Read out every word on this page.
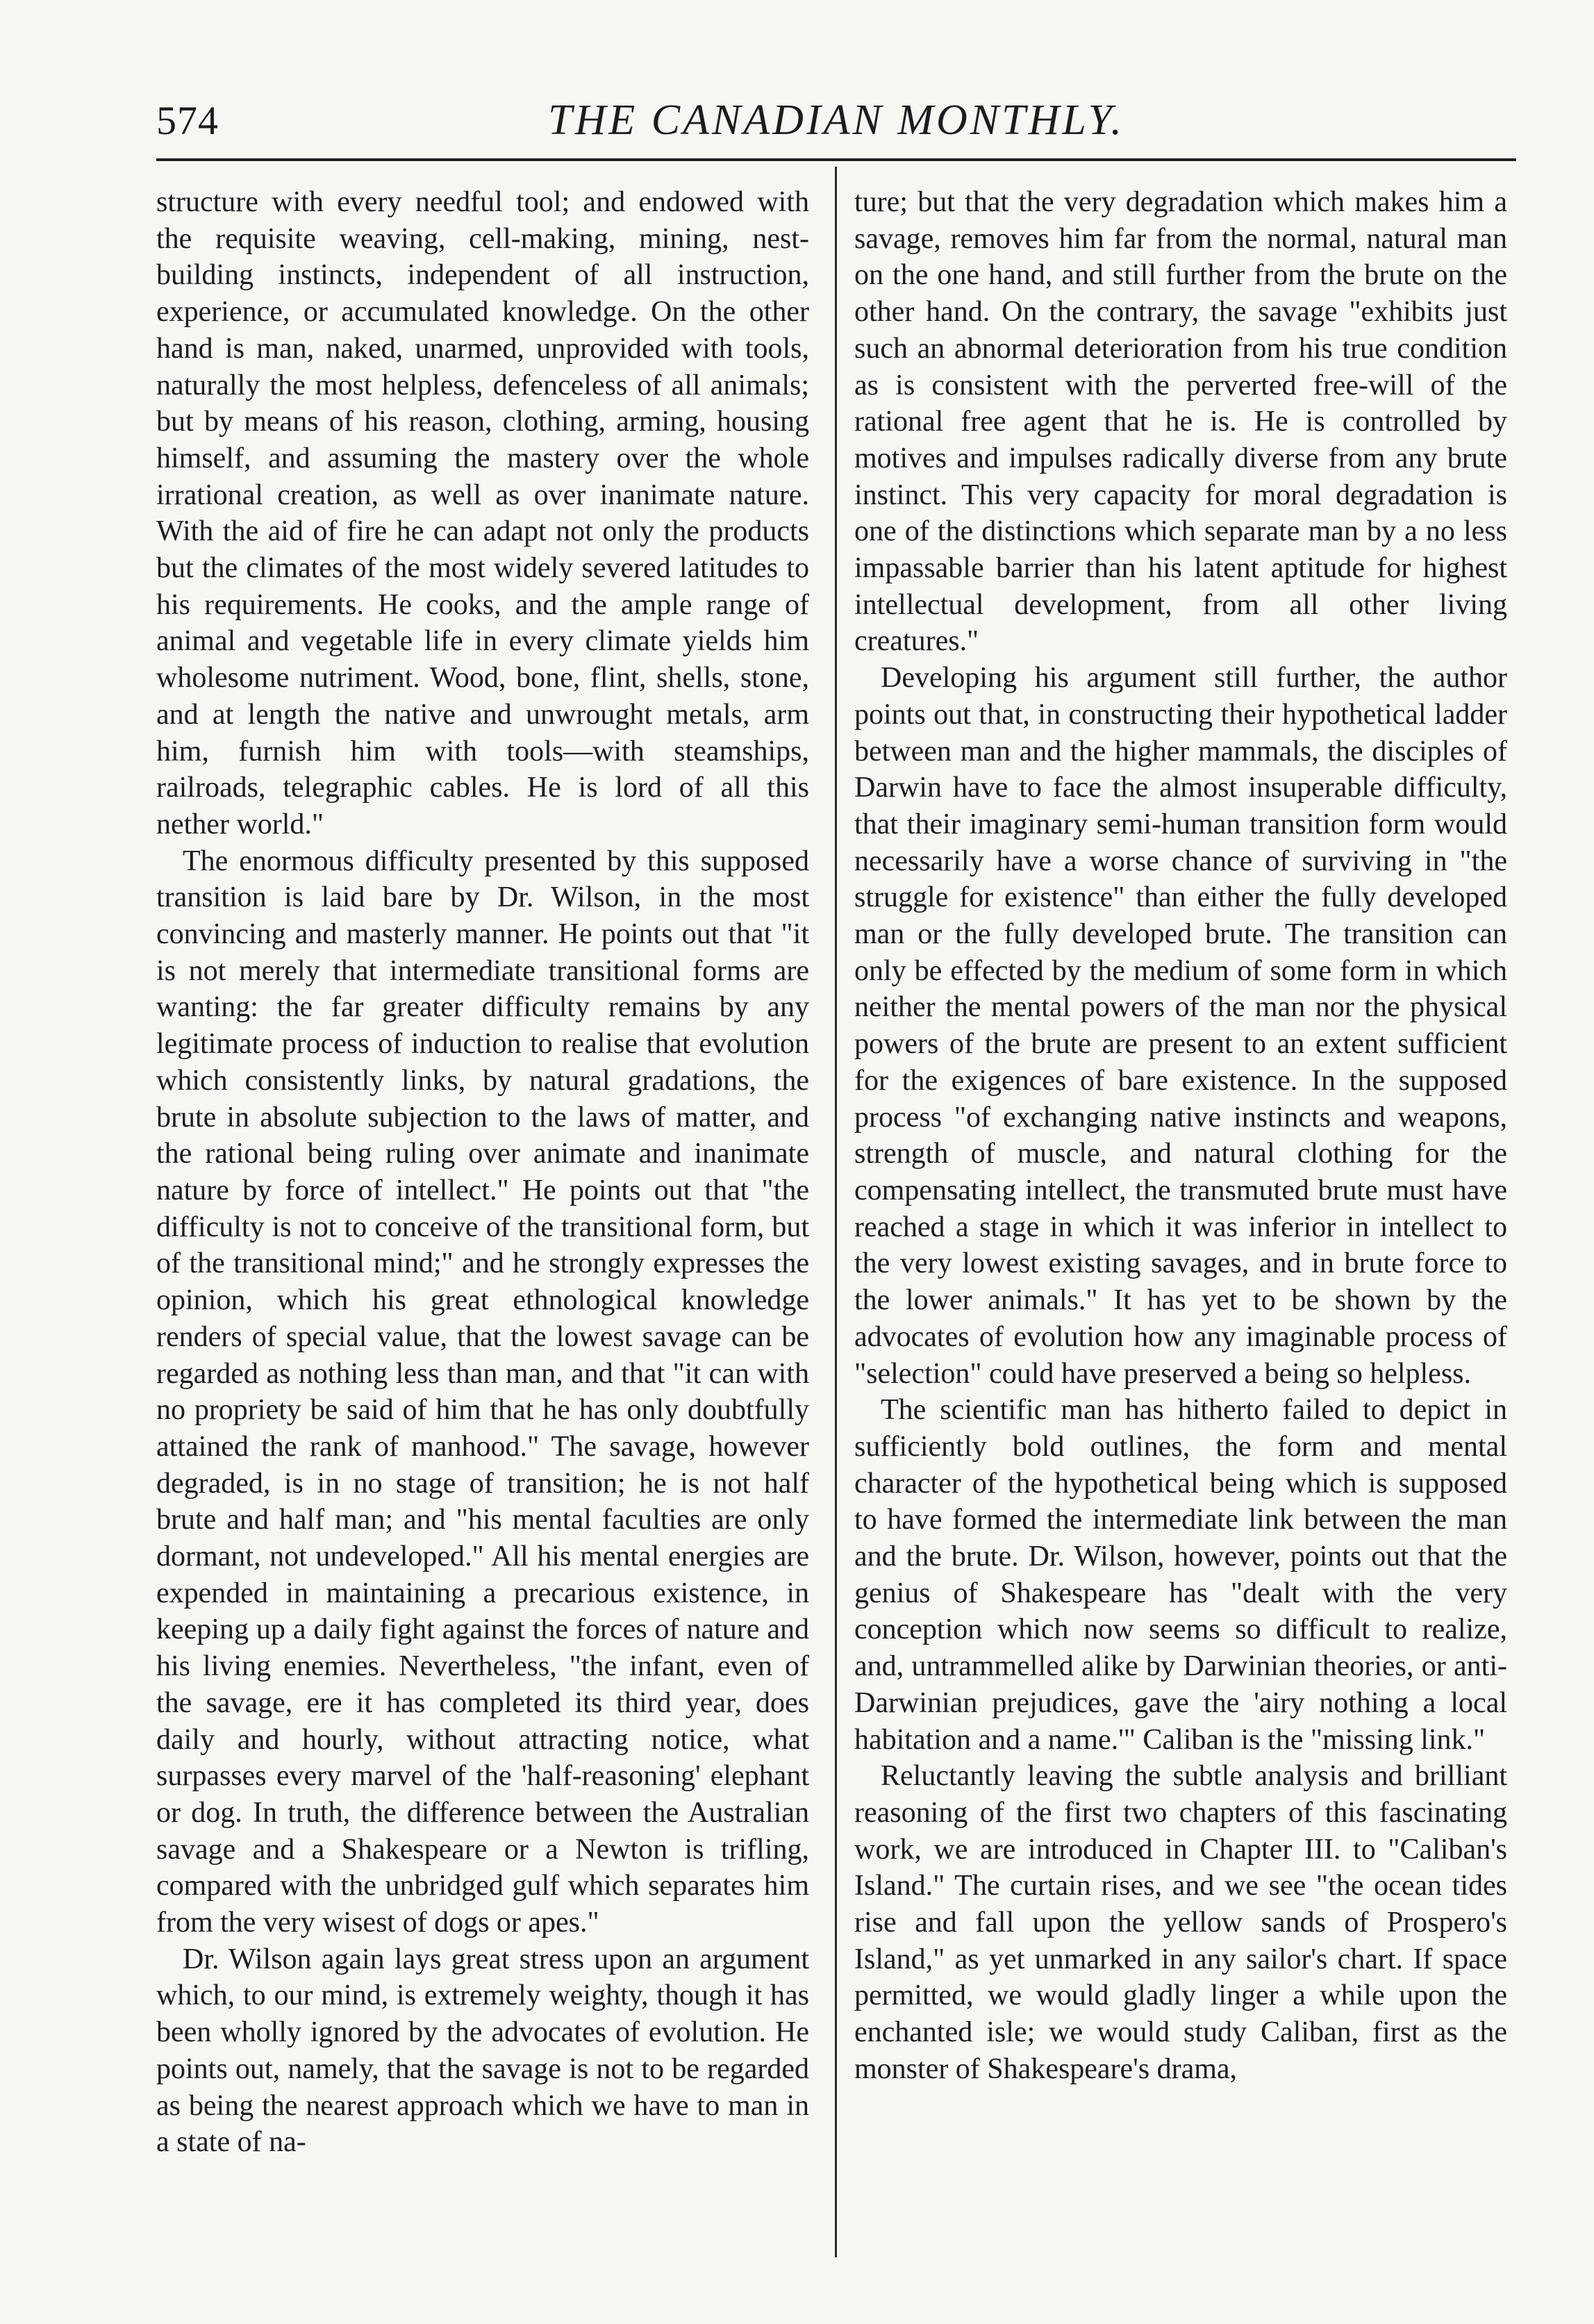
574	THE CANADIAN MONTHLY.

structure with every needful tool; and endowed with the requisite weaving, cell-making, mining, nest-building instincts, independent of all instruction, experience, or accumulated knowledge. On the other hand is man, naked, unarmed, unprovided with tools, naturally the most helpless, defenceless of all animals; but by means of his reason, clothing, arming, housing himself, and assuming the mastery over the whole irrational creation, as well as over inanimate nature. With the aid of fire he can adapt not only the products but the climates of the most widely severed latitudes to his requirements. He cooks, and the ample range of animal and vegetable life in every climate yields him wholesome nutriment. Wood, bone, flint, shells, stone, and at length the native and unwrought metals, arm him, furnish him with tools—with steamships, railroads, telegraphic cables. He is lord of all this nether world."

The enormous difficulty presented by this supposed transition is laid bare by Dr. Wilson, in the most convincing and masterly manner. He points out that "it is not merely that intermediate transitional forms are wanting: the far greater difficulty remains by any legitimate process of induction to realise that evolution which consistently links, by natural gradations, the brute in absolute subjection to the laws of matter, and the rational being ruling over animate and inanimate nature by force of intellect." He points out that "the difficulty is not to conceive of the transitional form, but of the transitional mind;" and he strongly expresses the opinion, which his great ethnological knowledge renders of special value, that the lowest savage can be regarded as nothing less than man, and that "it can with no propriety be said of him that he has only doubtfully attained the rank of manhood." The savage, however degraded, is in no stage of transition; he is not half brute and half man; and "his mental faculties are only dormant, not undeveloped." All his mental energies are expended in maintaining a precarious existence, in keeping up a daily fight against the forces of nature and his living enemies. Nevertheless, "the infant, even of the savage, ere it has completed its third year, does daily and hourly, without attracting notice, what surpasses every marvel of the 'half-reasoning' elephant or dog. In truth, the difference between the Australian savage and a Shakespeare or a Newton is trifling, compared with the unbridged gulf which separates him from the very wisest of dogs or apes."

Dr. Wilson again lays great stress upon an argument which, to our mind, is extremely weighty, though it has been wholly ignored by the advocates of evolution. He points out, namely, that the savage is not to be regarded as being the nearest approach which we have to man in a state of na-

ture; but that the very degradation which makes him a savage, removes him far from the normal, natural man on the one hand, and still further from the brute on the other hand. On the contrary, the savage "exhibits just such an abnormal deterioration from his true condition as is consistent with the perverted free-will of the rational free agent that he is. He is controlled by motives and impulses radically diverse from any brute instinct. This very capacity for moral degradation is one of the distinctions which separate man by a no less impassable barrier than his latent aptitude for highest intellectual development, from all other living creatures."

Developing his argument still further, the author points out that, in constructing their hypothetical ladder between man and the higher mammals, the disciples of Darwin have to face the almost insuperable difficulty, that their imaginary semi-human transition form would necessarily have a worse chance of surviving in "the struggle for existence" than either the fully developed man or the fully developed brute. The transition can only be effected by the medium of some form in which neither the mental powers of the man nor the physical powers of the brute are present to an extent sufficient for the exigences of bare existence. In the supposed process "of exchanging native instincts and weapons, strength of muscle, and natural clothing for the compensating intellect, the transmuted brute must have reached a stage in which it was inferior in intellect to the very lowest existing savages, and in brute force to the lower animals." It has yet to be shown by the advocates of evolution how any imaginable process of "selection" could have preserved a being so helpless.

The scientific man has hitherto failed to depict in sufficiently bold outlines, the form and mental character of the hypothetical being which is supposed to have formed the intermediate link between the man and the brute. Dr. Wilson, however, points out that the genius of Shakespeare has "dealt with the very conception which now seems so difficult to realize, and, untrammelled alike by Darwinian theories, or anti-Darwinian prejudices, gave the 'airy nothing a local habitation and a name.'" Caliban is the "missing link."

Reluctantly leaving the subtle analysis and brilliant reasoning of the first two chapters of this fascinating work, we are introduced in Chapter III. to "Caliban's Island." The curtain rises, and we see "the ocean tides rise and fall upon the yellow sands of Prospero's Island," as yet unmarked in any sailor's chart. If space permitted, we would gladly linger a while upon the enchanted isle; we would study Caliban, first as the monster of Shakespeare's drama,
